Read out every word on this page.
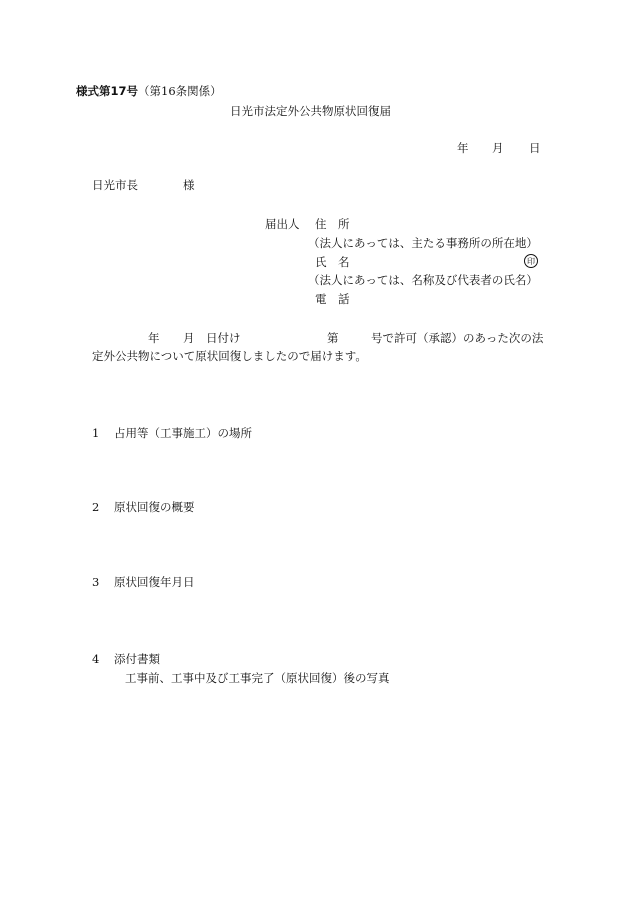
様式第17号（第16条関係）

日光市法定外公共物原状回復届

年 月 日
日光市長	様
届出人 住　所
（法人にあっては、主たる事務所の所在地）
氏　名	印
（法人にあっては、名称及び代表者の氏名）
電　話
年 月 日付け	第	号で許可（承認）のあった次の法
定外公共物について原状回復しましたので届けます。

1 占用等（工事施工）の場所

2 原状回復の概要

3 原状回復年月日

4 添付書類

工事前、工事中及び工事完了（原状回復）後の写真
